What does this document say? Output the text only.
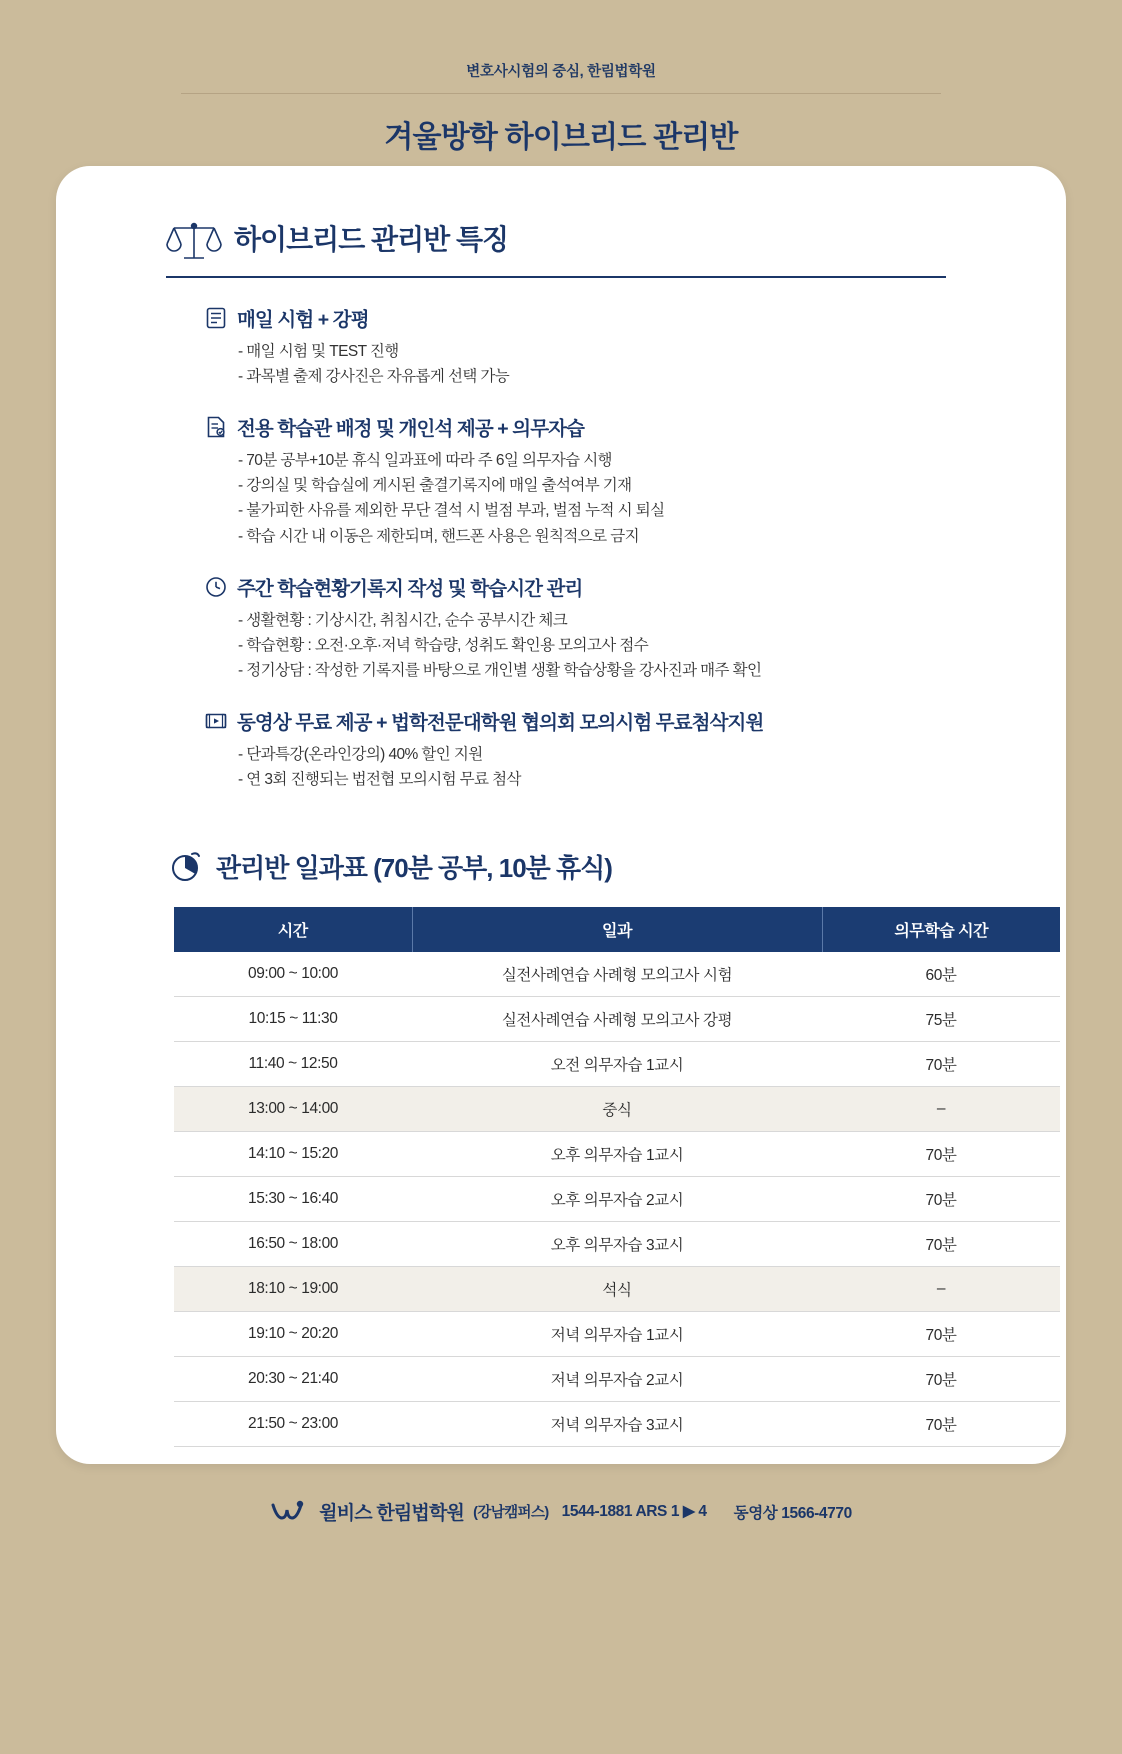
변호사시험의 중심, 한림법학원
겨울방학 하이브리드 관리반
하이브리드 관리반 특징
매일 시험 + 강평
- 매일 시험 및 TEST 진행
- 과목별 출제 강사진은 자유롭게 선택 가능
전용 학습관 배정 및 개인석 제공 + 의무자습
- 70분 공부+10분 휴식 일과표에 따라 주 6일 의무자습 시행
- 강의실 및 학습실에 게시된 출결기록지에 매일 출석여부 기재
- 불가피한 사유를 제외한 무단 결석 시 벌점 부과, 벌점 누적 시 퇴실
- 학습 시간 내 이동은 제한되며, 핸드폰 사용은 원칙적으로 금지
주간 학습현황기록지 작성 및 학습시간 관리
- 생활현황 : 기상시간, 취침시간, 순수 공부시간 체크
- 학습현황 : 오전·오후·저녁 학습량, 성취도 확인용 모의고사 점수
- 정기상담 : 작성한 기록지를 바탕으로 개인별 생활 학습상황을 강사진과 매주 확인
동영상 무료 제공 + 법학전문대학원 협의회 모의시험 무료첨삭지원
- 단과특강(온라인강의) 40% 할인 지원
- 연 3회 진행되는 법전협 모의시험 무료 첨삭
관리반 일과표 (70분 공부, 10분 휴식)
시간	일과	의무학습 시간
09:00 ~ 10:00	실전사례연습 사례형 모의고사 시험	60분
10:15 ~ 11:30	실전사례연습 사례형 모의고사 강평	75분
11:40 ~ 12:50	오전 의무자습 1교시	70분
13:00 ~ 14:00	중식	–
14:10 ~ 15:20	오후 의무자습 1교시	70분
15:30 ~ 16:40	오후 의무자습 2교시	70분
16:50 ~ 18:00	오후 의무자습 3교시	70분
18:10 ~ 19:00	석식	–
19:10 ~ 20:20	저녁 의무자습 1교시	70분
20:30 ~ 21:40	저녁 의무자습 2교시	70분
21:50 ~ 23:00	저녁 의무자습 3교시	70분
윌비스 한림법학원 (강남캠퍼스) 1544-1881 ARS 1 ▶ 4 동영상 1566-4770
